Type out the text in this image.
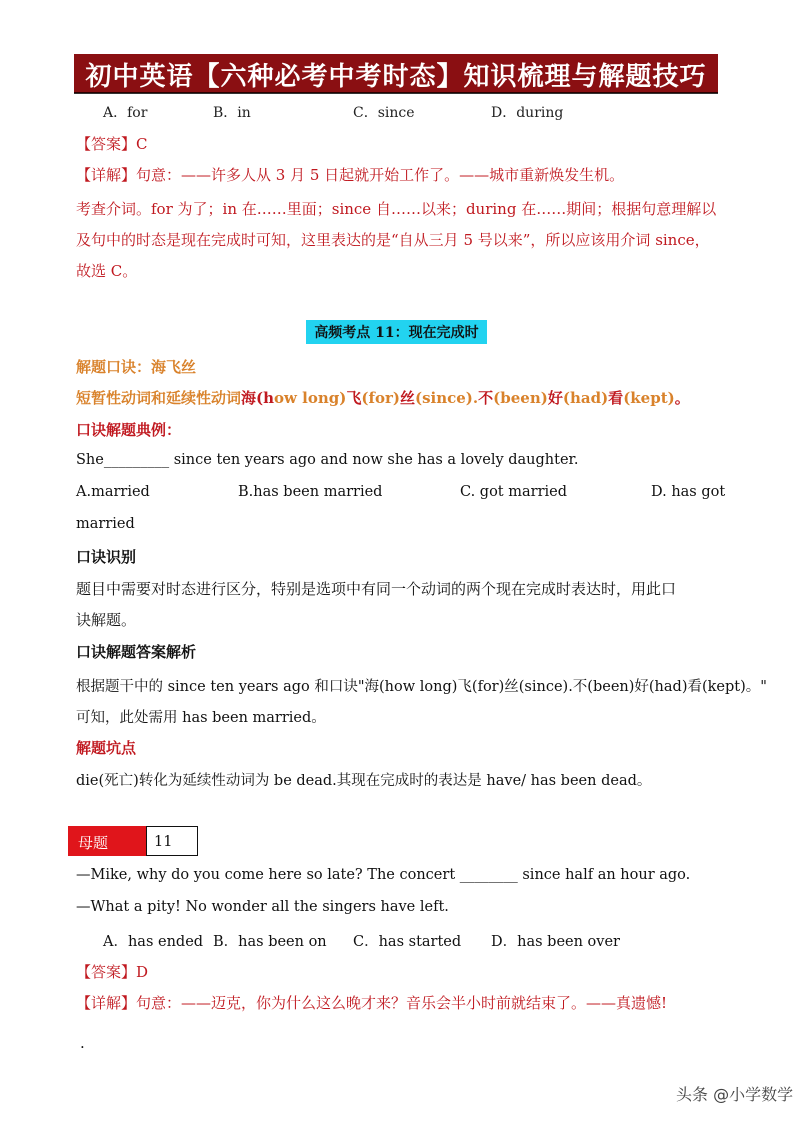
初中英语【六种必考中考时态】知识梳理与解题技巧
A．for	B．in	C．since	D．during
【答案】C
【详解】句意：——许多人从 3 月 5 日起就开始工作了。——城市重新焕发生机。
考查介词。for 为了；in 在……里面；since 自……以来；during 在……期间；根据句意理解以
及句中的时态是现在完成时可知，这里表达的是“自从三月 5 号以来”，所以应该用介词 since，
故选 C。
高频考点 11：现在完成时
解题口诀：海飞丝
短暂性动词和延续性动词海(how long)飞(for)丝(since).不(been)好(had)看(kept)。
口诀解题典例：
She_________ since ten years ago and now she has a lovely daughter.
A.married	B.has been married	C. got married	D. has got
married
口诀识别
题目中需要对时态进行区分，特别是选项中有同一个动词的两个现在完成时表达时，用此口
诀解题。
口诀解题答案解析
根据题干中的 since ten years ago 和口诀"海(how long)飞(for)丝(since).不(been)好(had)看(kept)。"
可知，此处需用 has been married。
解题坑点
die(死亡)转化为延续性动词为 be dead.其现在完成时的表达是 have/ has been dead。
母题	11
—Mike, why do you come here so late? The concert ________ since half an hour ago.
—What a pity! No wonder all the singers have left.
A．has ended B．has been on C．has started D．has been over
【答案】D
【详解】句意：——迈克，你为什么这么晚才来？音乐会半小时前就结束了。——真遗憾!
.
头条 @小学数学
